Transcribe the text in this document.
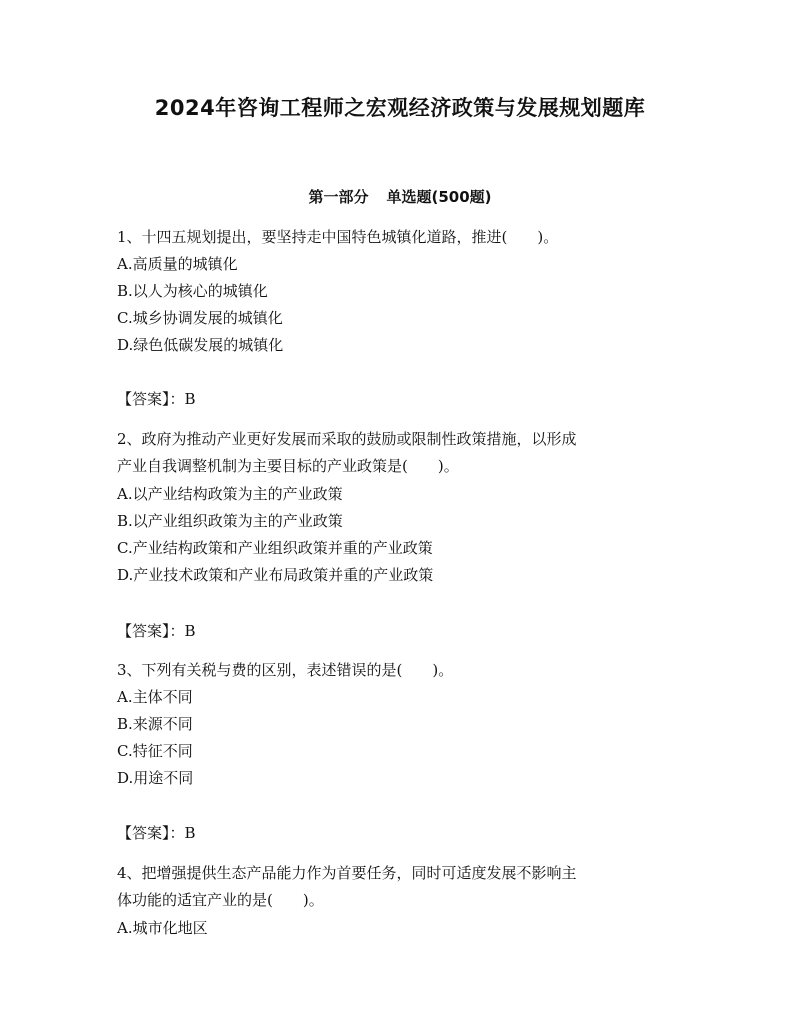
2024年咨询工程师之宏观经济政策与发展规划题库
第一部分 单选题(500题)
1、十四五规划提出，要坚持走中国特色城镇化道路，推进(　　)。
A.高质量的城镇化
B.以人为核心的城镇化
C.城乡协调发展的城镇化
D.绿色低碳发展的城镇化
【答案】：B
2、政府为推动产业更好发展而采取的鼓励或限制性政策措施，以形成
产业自我调整机制为主要目标的产业政策是(　　)。
A.以产业结构政策为主的产业政策
B.以产业组织政策为主的产业政策
C.产业结构政策和产业组织政策并重的产业政策
D.产业技术政策和产业布局政策并重的产业政策
【答案】：B
3、下列有关税与费的区别，表述错误的是(　　)。
A.主体不同
B.来源不同
C.特征不同
D.用途不同
【答案】：B
4、把增强提供生态产品能力作为首要任务，同时可适度发展不影响主
体功能的适宜产业的是(　　)。
A.城市化地区
